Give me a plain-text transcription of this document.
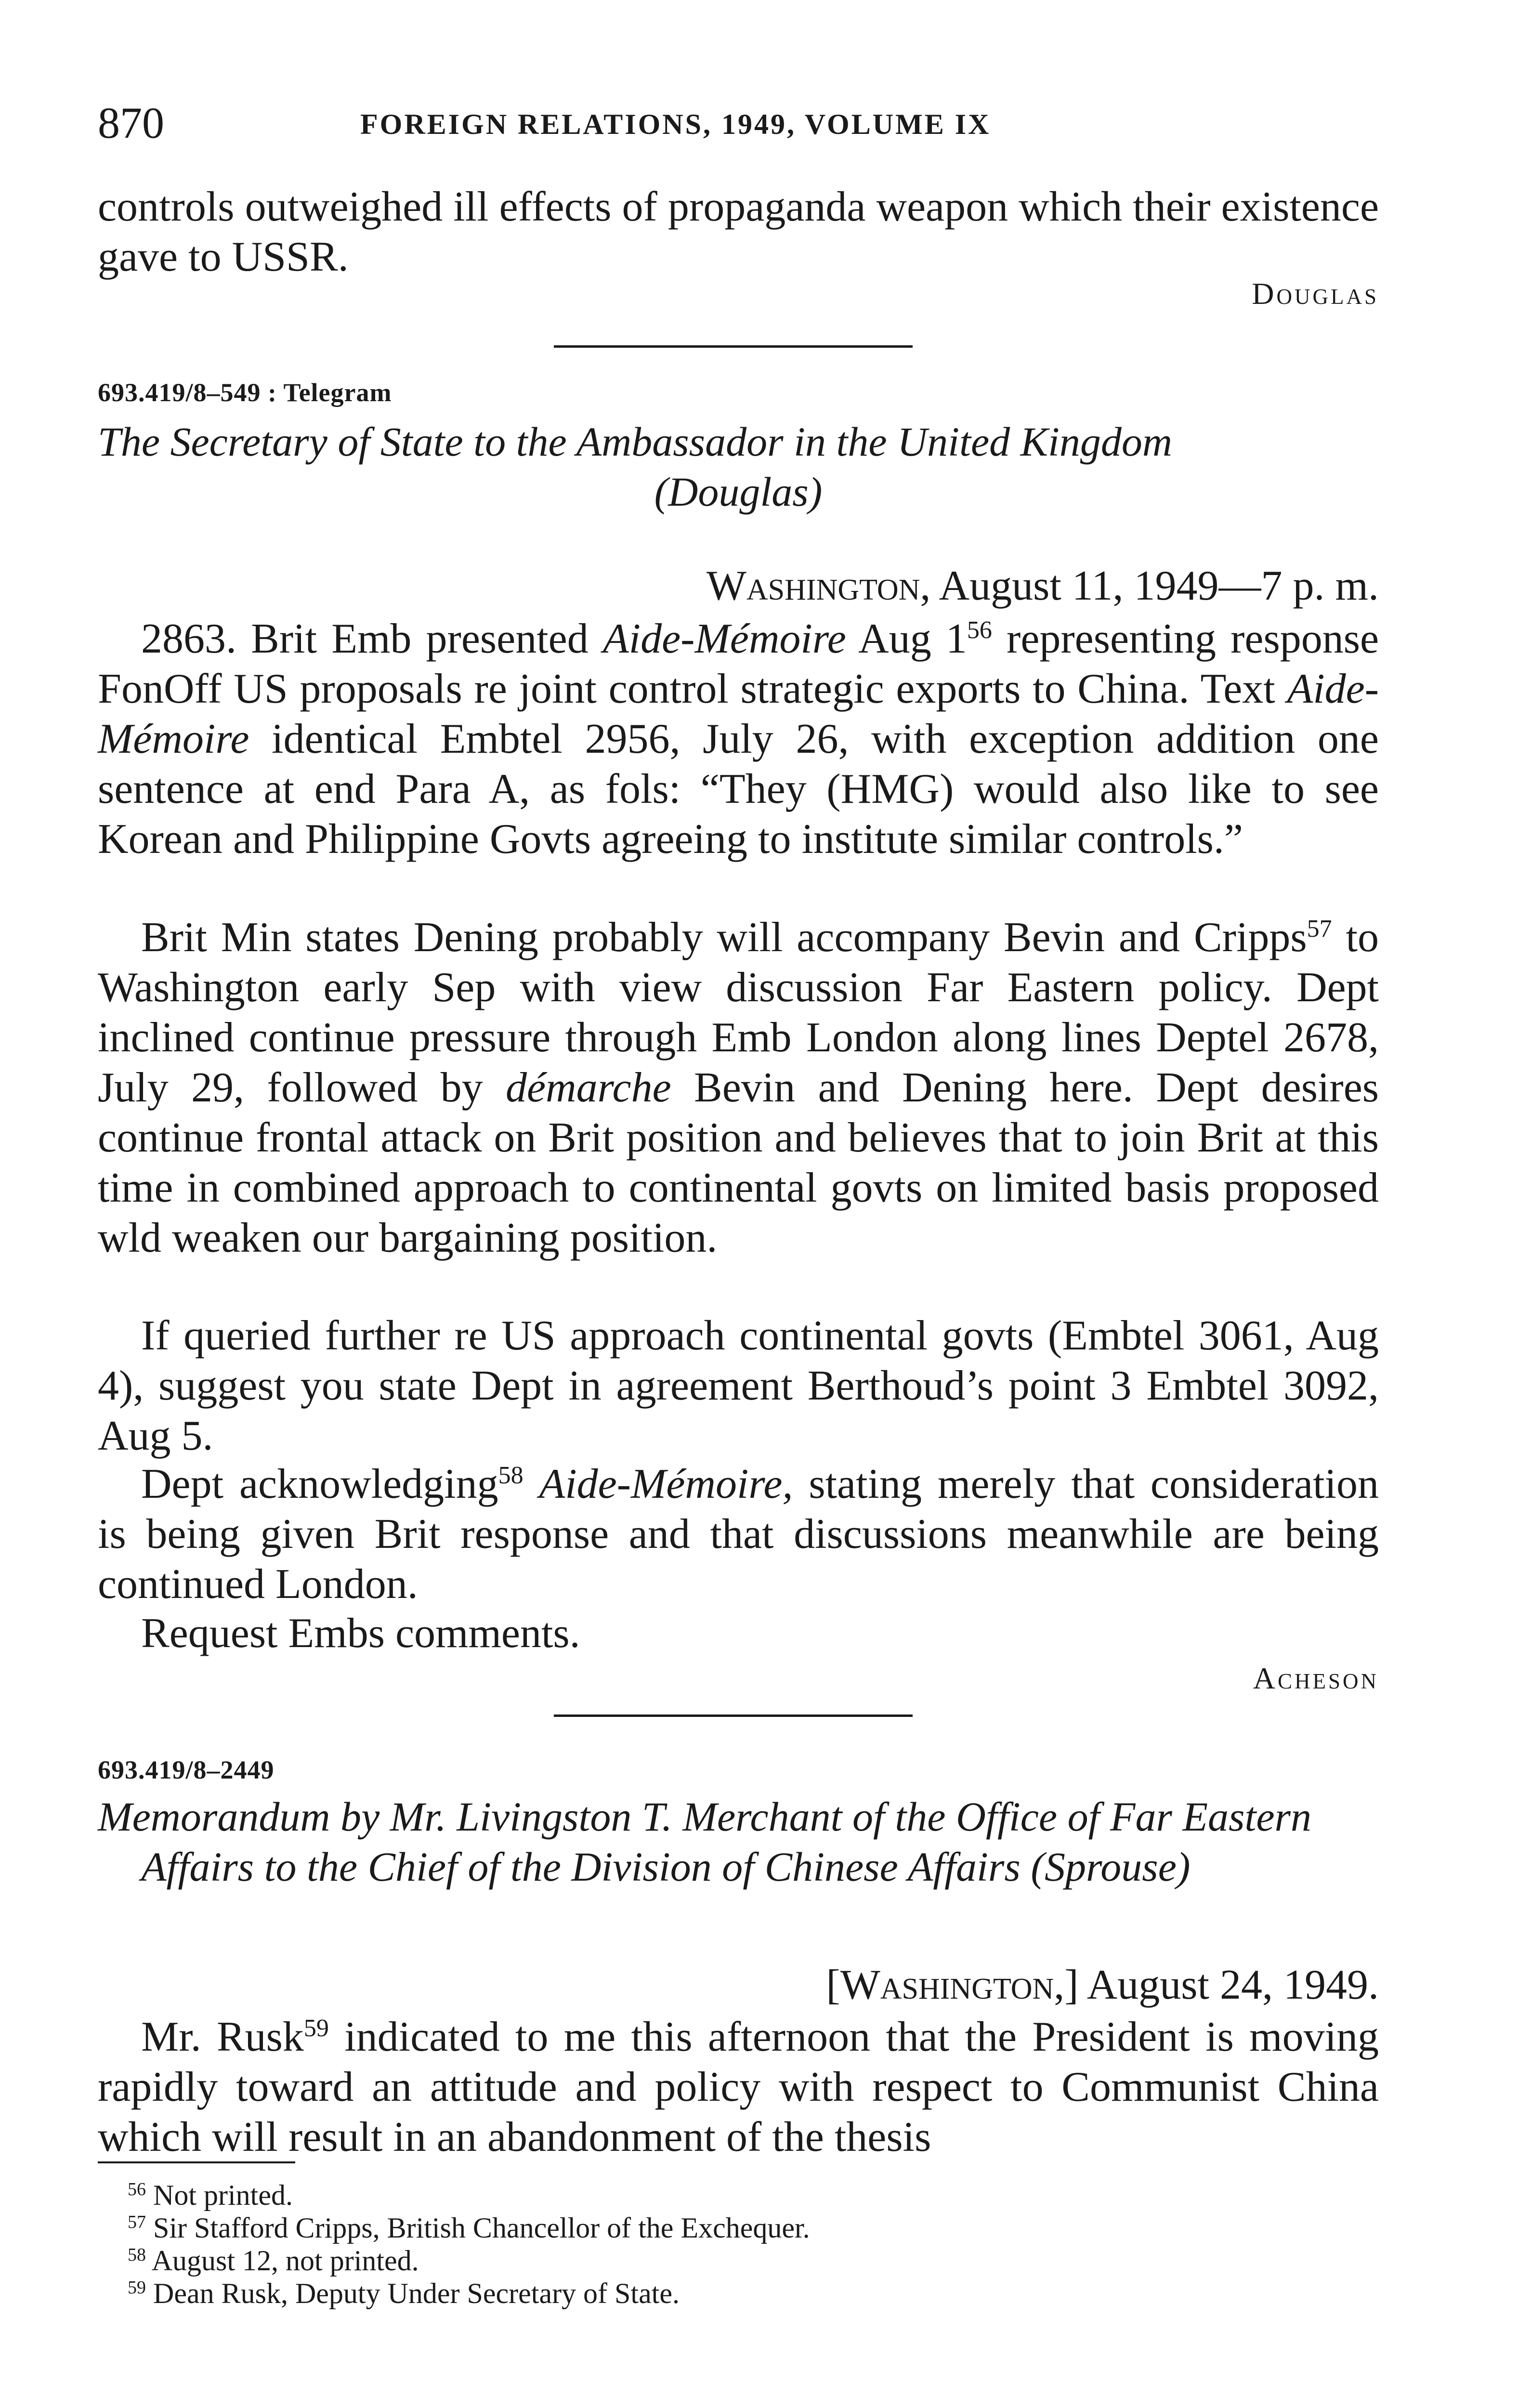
870	FOREIGN RELATIONS, 1949, VOLUME IX
controls outweighed ill effects of propaganda weapon which their existence gave to USSR.
Douglas
693.419/8–549 : Telegram
The Secretary of State to the Ambassador in the United Kingdom
(Douglas)
Washington, August 11, 1949—7 p. m.
2863. Brit Emb presented Aide-Mémoire Aug $1^{56}$ representing response FonOff US proposals re joint control strategic exports to China. Text Aide-Mémoire identical Embtel 2956, July 26, with exception addition one sentence at end Para A, as fols: “They (HMG) would also like to see Korean and Philippine Govts agreeing to institute similar controls.”
Brit Min states Dening probably will accompany Bevin and Cripps$^{57}$ to Washington early Sep with view discussion Far Eastern policy. Dept inclined continue pressure through Emb London along lines Deptel 2678, July 29, followed by démarche Bevin and Dening here. Dept desires continue frontal attack on Brit position and believes that to join Brit at this time in combined approach to continental govts on limited basis proposed wld weaken our bargaining position.
If queried further re US approach continental govts (Embtel 3061, Aug 4), suggest you state Dept in agreement Berthoud’s point 3 Embtel 3092, Aug 5.
Dept acknowledging$^{58}$ Aide-Mémoire, stating merely that consideration is being given Brit response and that discussions meanwhile are being continued London.
Request Embs comments.
Acheson
693.419/8–2449
Memorandum by Mr. Livingston T. Merchant of the Office of Far Eastern Affairs to the Chief of the Division of Chinese Affairs (Sprouse)
[Washington,] August 24, 1949.
Mr. Rusk$^{59}$ indicated to me this afternoon that the President is moving rapidly toward an attitude and policy with respect to Communist China which will result in an abandonment of the thesis
$^{56}$ Not printed.
$^{57}$ Sir Stafford Cripps, British Chancellor of the Exchequer.
$^{58}$ August 12, not printed.
$^{59}$ Dean Rusk, Deputy Under Secretary of State.
